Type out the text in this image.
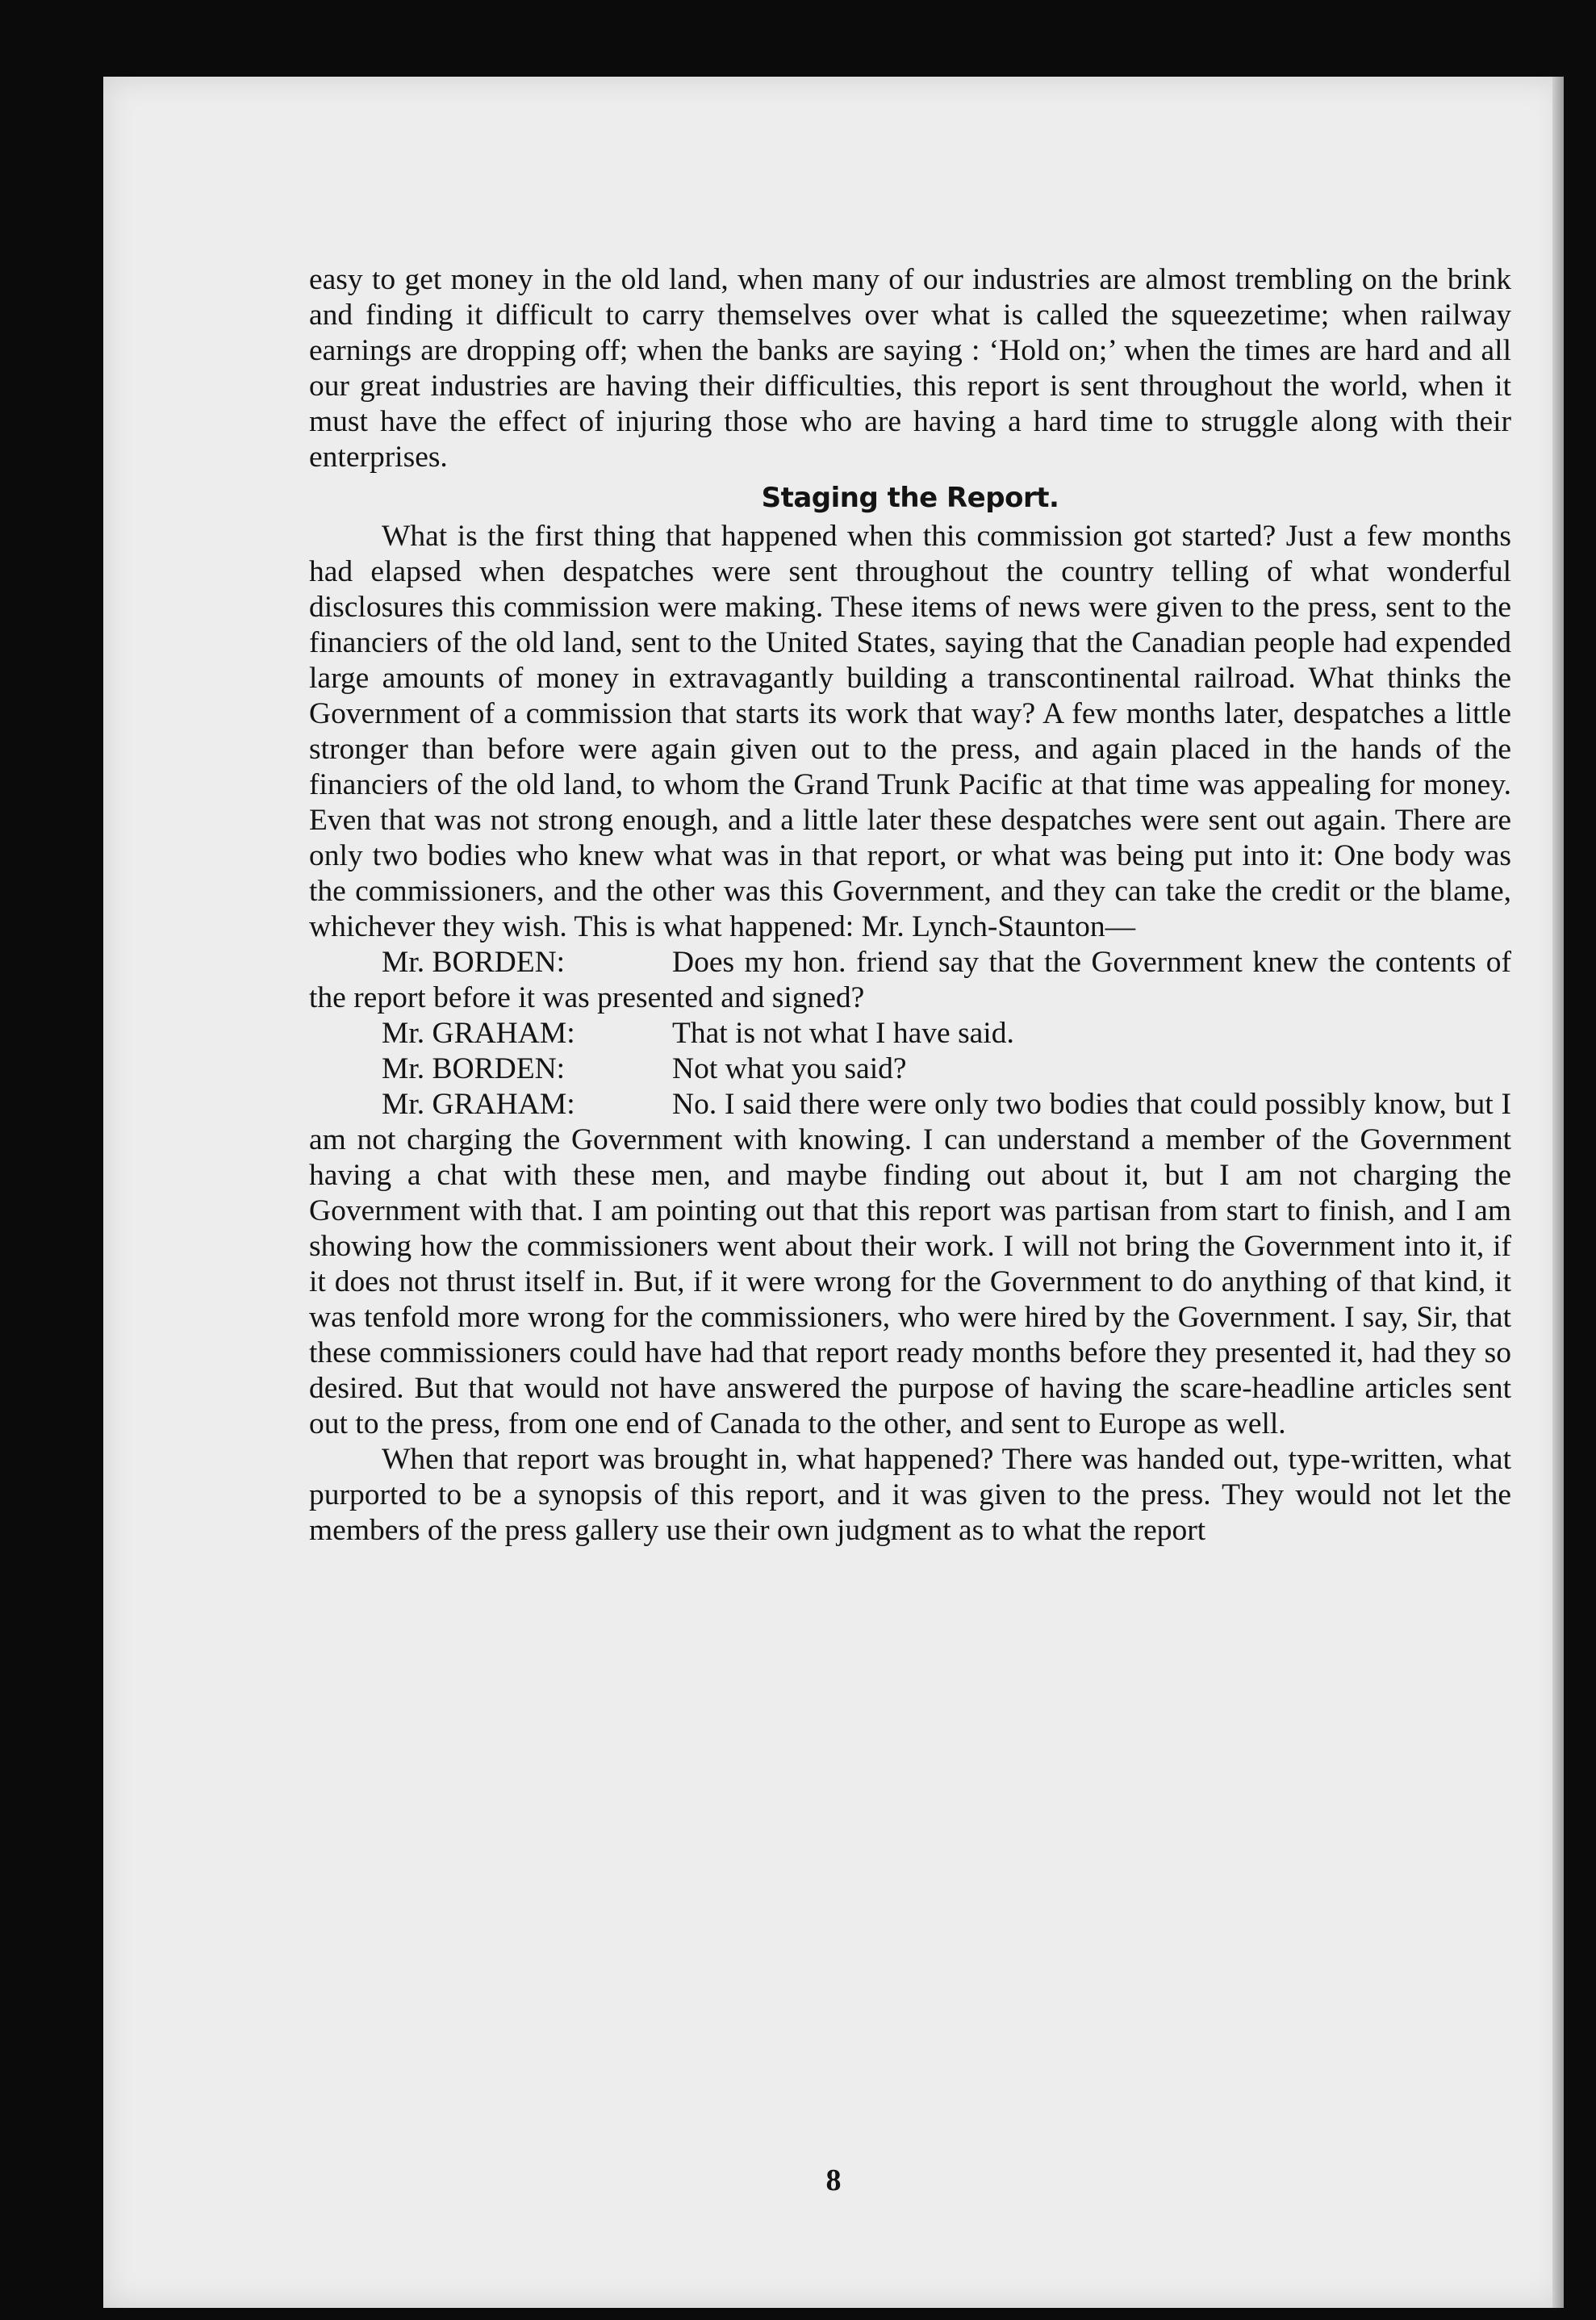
easy to get money in the old land, when many of our industries are almost trembling on the brink and finding it difficult to carry themselves over what is called the squeezetime; when railway earnings are dropping off; when the banks are saying : ‘Hold on;’ when the times are hard and all our great industries are having their difficulties, this report is sent throughout the world, when it must have the effect of injuring those who are having a hard time to struggle along with their enterprises.

Staging the Report.

What is the first thing that happened when this commission got started? Just a few months had elapsed when despatches were sent throughout the country telling of what wonderful disclosures this commission were making. These items of news were given to the press, sent to the financiers of the old land, sent to the United States, saying that the Canadian people had expended large amounts of money in extravagantly building a transcontinental railroad. What thinks the Government of a commission that starts its work that way? A few months later, despatches a little stronger than before were again given out to the press, and again placed in the hands of the financiers of the old land, to whom the Grand Trunk Pacific at that time was appealing for money. Even that was not strong enough, and a little later these despatches were sent out again. There are only two bodies who knew what was in that report, or what was being put into it: One body was the commissioners, and the other was this Government, and they can take the credit or the blame, whichever they wish. This is what happened: Mr. Lynch-Staunton—

Mr. BORDEN:	Does my hon. friend say that the Government knew the contents of the report before it was presented and signed?

Mr. GRAHAM:	That is not what I have said.

Mr. BORDEN:	Not what you said?

Mr. GRAHAM:	No. I said there were only two bodies that could possibly know, but I am not charging the Government with knowing. I can understand a member of the Government having a chat with these men, and maybe finding out about it, but I am not charging the Government with that. I am pointing out that this report was partisan from start to finish, and I am showing how the commissioners went about their work. I will not bring the Government into it, if it does not thrust itself in. But, if it were wrong for the Government to do anything of that kind, it was tenfold more wrong for the commissioners, who were hired by the Government. I say, Sir, that these commissioners could have had that report ready months before they presented it, had they so desired. But that would not have answered the purpose of having the scare-headline articles sent out to the press, from one end of Canada to the other, and sent to Europe as well.

When that report was brought in, what happened? There was handed out, type-written, what purported to be a synopsis of this report, and it was given to the press. They would not let the members of the press gallery use their own judgment as to what the report

8
